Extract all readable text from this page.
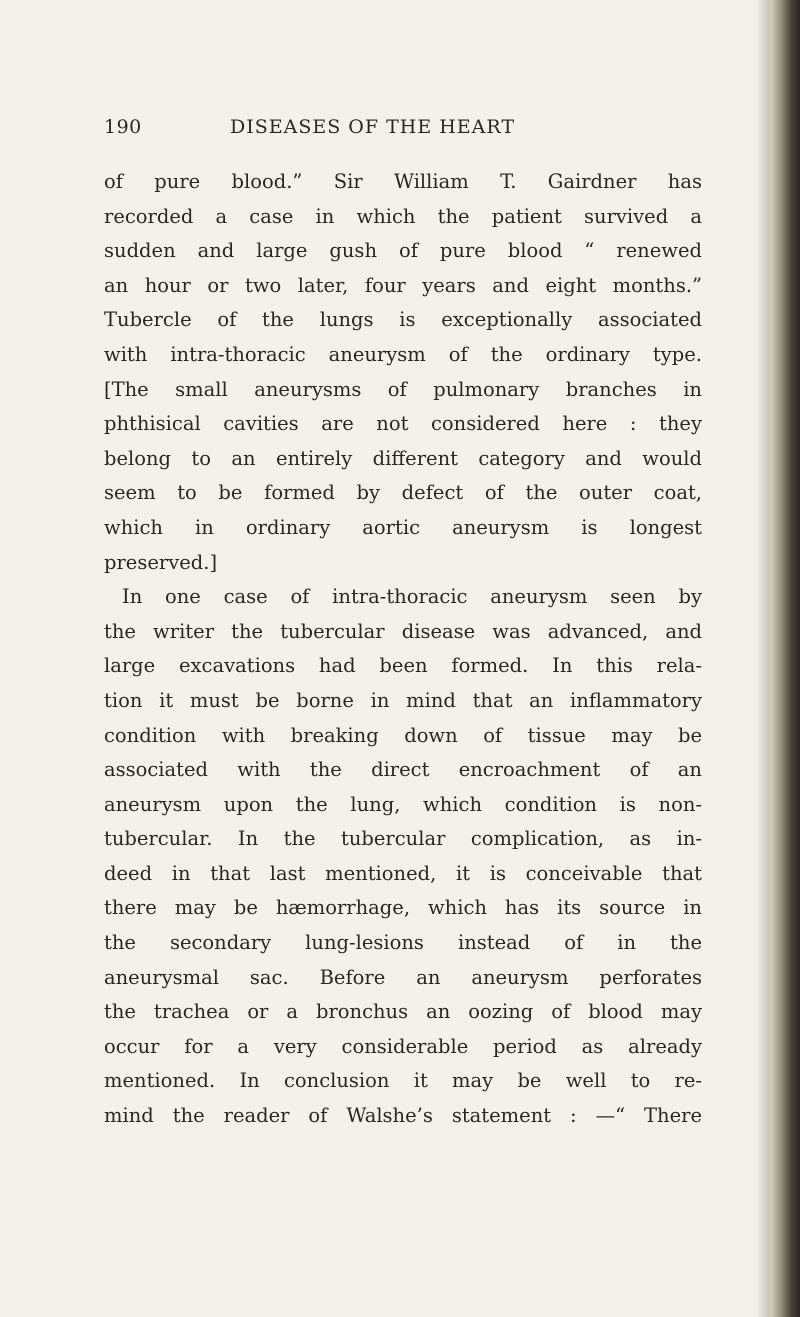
190	DISEASES OF THE HEART
of pure blood.” Sir William T. Gairdner has
recorded a case in which the patient survived a
sudden and large gush of pure blood “ renewed
an hour or two later, four years and eight months.”
Tubercle of the lungs is exceptionally associated
with intra-thoracic aneurysm of the ordinary type.
[The small aneurysms of pulmonary branches in
phthisical cavities are not considered here : they
belong to an entirely different category and would
seem to be formed by defect of the outer coat,
which in ordinary aortic aneurysm is longest
preserved.]
In one case of intra-thoracic aneurysm seen by
the writer the tubercular disease was advanced, and
large excavations had been formed. In this rela-
tion it must be borne in mind that an inflammatory
condition with breaking down of tissue may be
associated with the direct encroachment of an
aneurysm upon the lung, which condition is non-
tubercular. In the tubercular complication, as in-
deed in that last mentioned, it is conceivable that
there may be hæmorrhage, which has its source in
the secondary lung-lesions instead of in the
aneurysmal sac. Before an aneurysm perforates
the trachea or a bronchus an oozing of blood may
occur for a very considerable period as already
mentioned. In conclusion it may be well to re-
mind the reader of Walshe’s statement : —“ There
